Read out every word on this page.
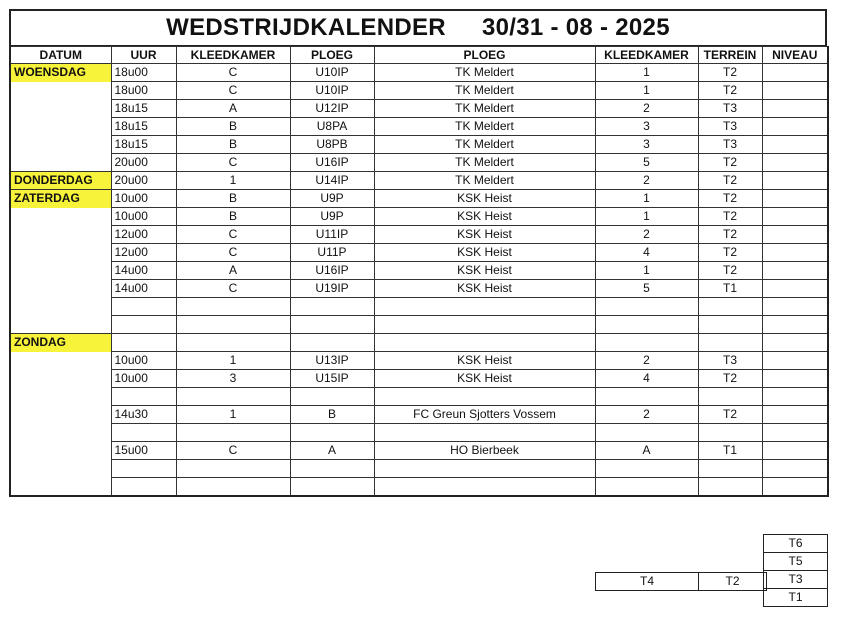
WEDSTRIJDKALENDER 30/31 - 08 - 2025
DATUM	UUR	KLEEDKAMER	PLOEG	PLOEG	KLEEDKAMER	TERREIN	NIVEAU
WOENSDAG	18u00	C	U10IP	TK Meldert	1	T2	
	18u00	C	U10IP	TK Meldert	1	T2	
	18u15	A	U12IP	TK Meldert	2	T3	
	18u15	B	U8PA	TK Meldert	3	T3	
	18u15	B	U8PB	TK Meldert	3	T3	
	20u00	C	U16IP	TK Meldert	5	T2	
DONDERDAG	20u00	1	U14IP	TK Meldert	2	T2	
ZATERDAG	10u00	B	U9P	KSK Heist	1	T2	
	10u00	B	U9P	KSK Heist	1	T2	
	12u00	C	U11IP	KSK Heist	2	T2	
	12u00	C	U11P	KSK Heist	4	T2	
	14u00	A	U16IP	KSK Heist	1	T2	
	14u00	C	U19IP	KSK Heist	5	T1	

ZONDAG							
	10u00	1	U13IP	KSK Heist	2	T3	
	10u00	3	U15IP	KSK Heist	4	T2	

	14u30	1	B	FC Greun Sjotters Vossem	2	T2	

	15u00	C	A	HO Bierbeek	A	T1	

T6
T5
T3
T1
T4	T2
